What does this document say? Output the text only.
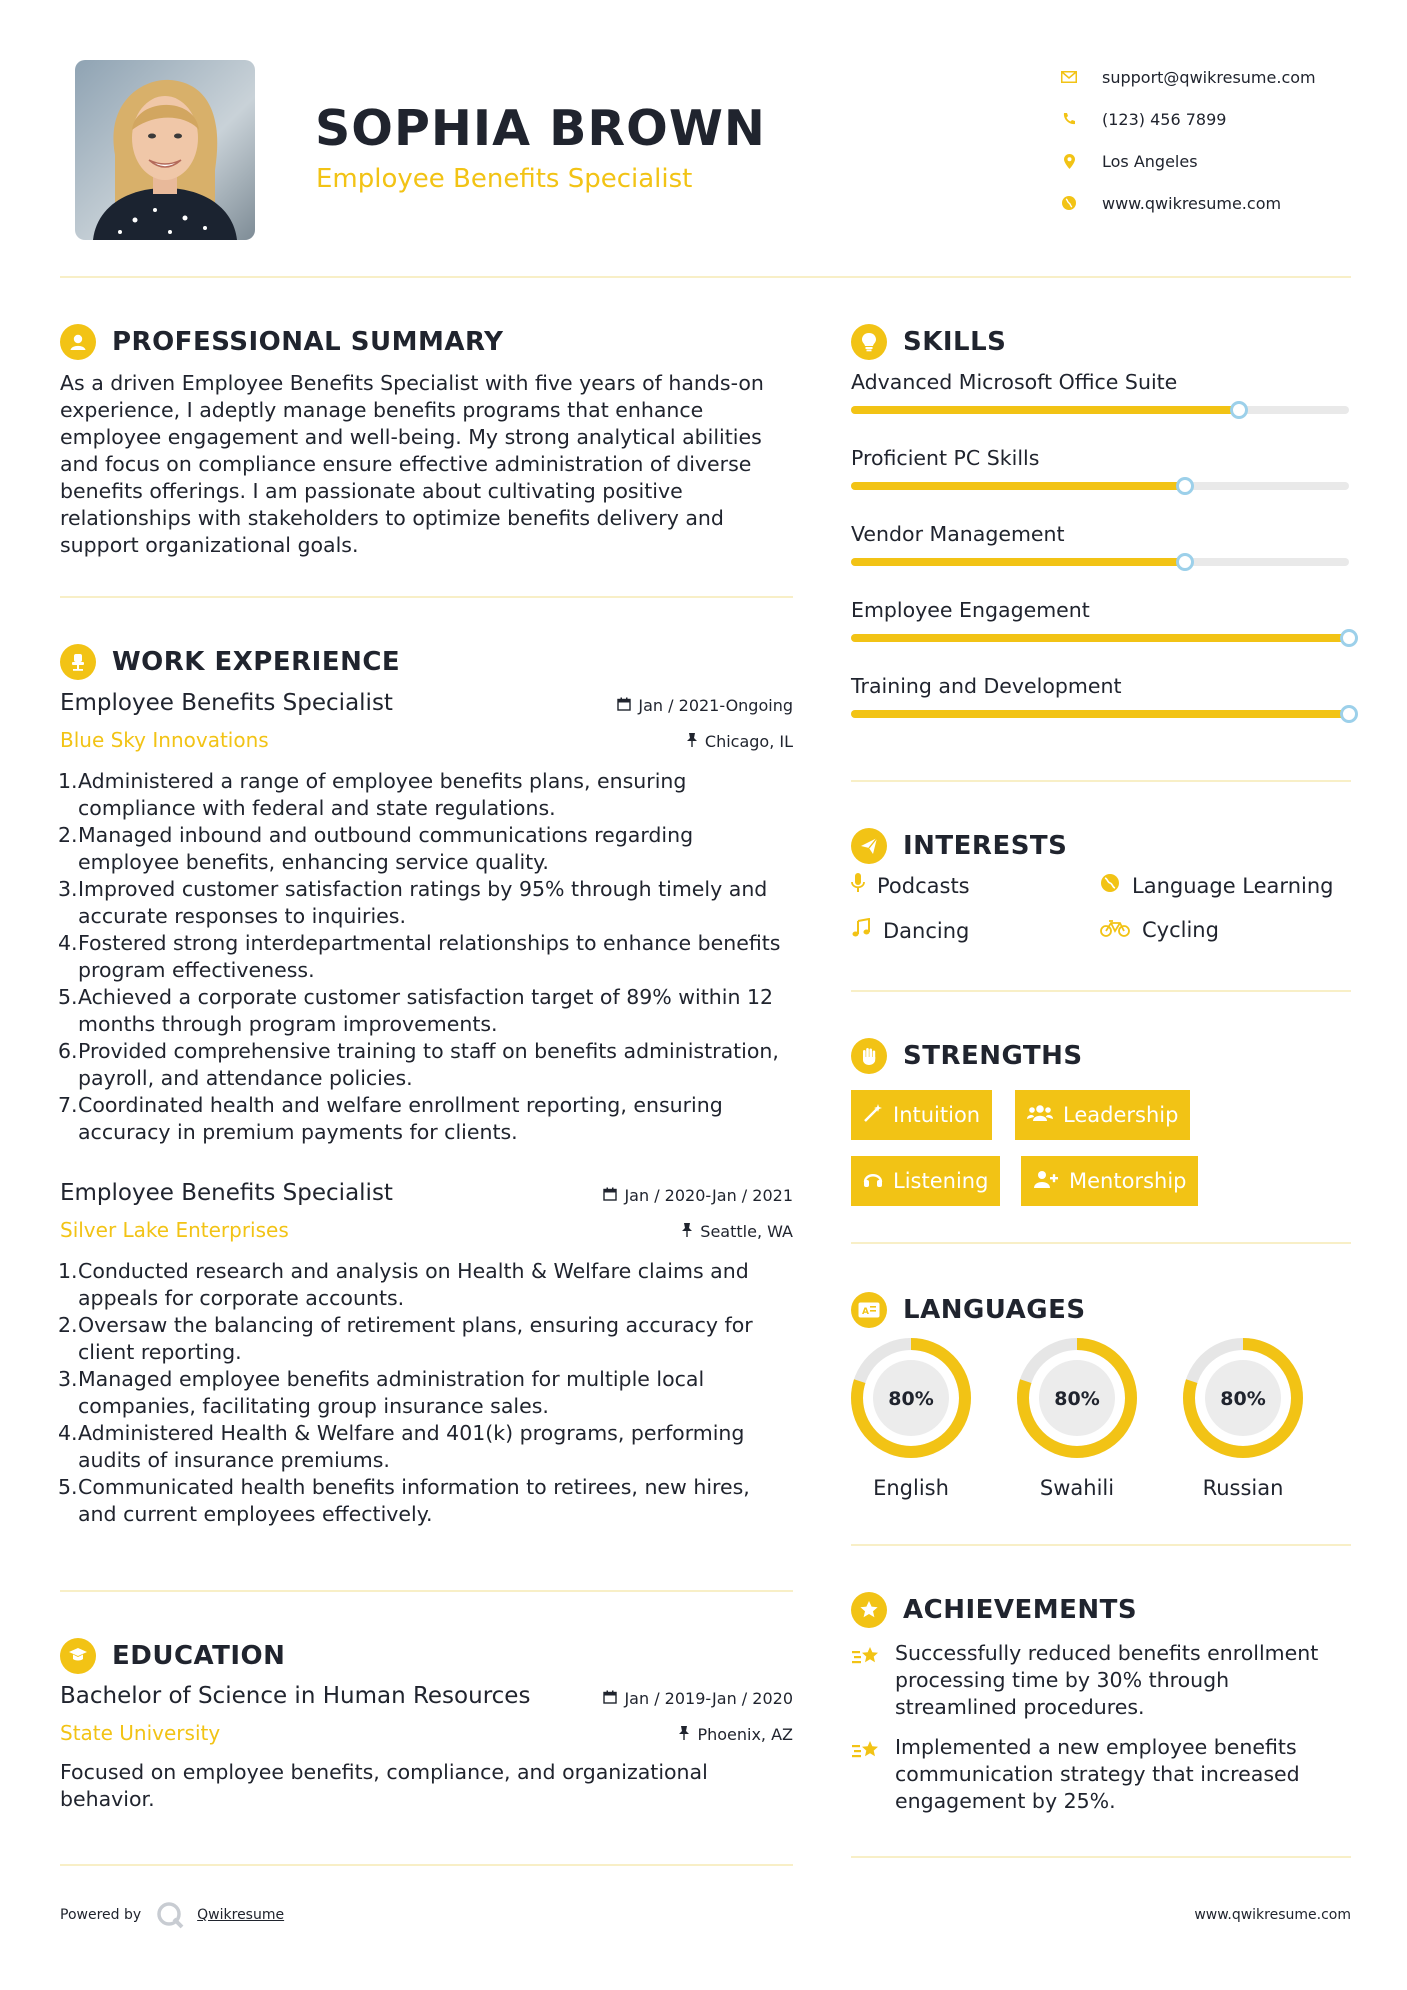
SOPHIA BROWN
Employee Benefits Specialist
support@qwikresume.com
(123) 456 7899
Los Angeles
www.qwikresume.com
PROFESSIONAL SUMMARY
As a driven Employee Benefits Specialist with five years of hands-on experience, I adeptly manage benefits programs that enhance employee engagement and well-being. My strong analytical abilities and focus on compliance ensure effective administration of diverse benefits offerings. I am passionate about cultivating positive relationships with stakeholders to optimize benefits delivery and support organizational goals.
WORK EXPERIENCE
Employee Benefits Specialist	Jan / 2021-Ongoing
Blue Sky Innovations	Chicago, IL
1. Administered a range of employee benefits plans, ensuring compliance with federal and state regulations.
2. Managed inbound and outbound communications regarding employee benefits, enhancing service quality.
3. Improved customer satisfaction ratings by 95% through timely and accurate responses to inquiries.
4. Fostered strong interdepartmental relationships to enhance benefits program effectiveness.
5. Achieved a corporate customer satisfaction target of 89% within 12 months through program improvements.
6. Provided comprehensive training to staff on benefits administration, payroll, and attendance policies.
7. Coordinated health and welfare enrollment reporting, ensuring accuracy in premium payments for clients.
Employee Benefits Specialist	Jan / 2020-Jan / 2021
Silver Lake Enterprises	Seattle, WA
1. Conducted research and analysis on Health & Welfare claims and appeals for corporate accounts.
2. Oversaw the balancing of retirement plans, ensuring accuracy for client reporting.
3. Managed employee benefits administration for multiple local companies, facilitating group insurance sales.
4. Administered Health & Welfare and 401(k) programs, performing audits of insurance premiums.
5. Communicated health benefits information to retirees, new hires, and current employees effectively.
EDUCATION
Bachelor of Science in Human Resources	Jan / 2019-Jan / 2020
State University	Phoenix, AZ
Focused on employee benefits, compliance, and organizational behavior.
SKILLS
Advanced Microsoft Office Suite
Proficient PC Skills
Vendor Management
Employee Engagement
Training and Development
INTERESTS
Podcasts	Language Learning
Dancing	Cycling
STRENGTHS
Intuition	Leadership
Listening	Mentorship
A LANGUAGES
80%
English
80%
Swahili
80%
Russian
ACHIEVEMENTS
Successfully reduced benefits enrollment processing time by 30% through streamlined procedures.
Implemented a new employee benefits communication strategy that increased engagement by 25%.
Powered by	Qwikresume	www.qwikresume.com
